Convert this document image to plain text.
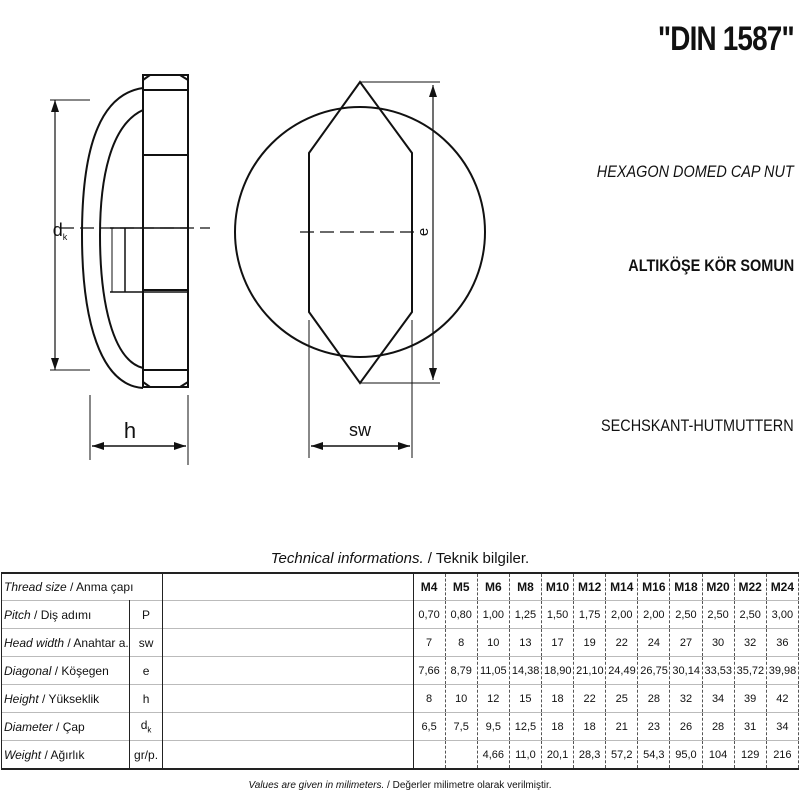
"DIN 1587"
HEXAGON DOMED CAP NUT
ALTIKÖŞE KÖR SOMUN
SECHSKANT-HUTMUTTERN
$d_k$
h
e
sw
Technical informations. / Teknik bilgiler.
Thread size / Anma çapı			M4	M5	M6	M8	M10	M12	M14	M16	M18	M20	M22	M24
Pitch / Diş adımı	P		0,70	0,80	1,00	1,25	1,50	1,75	2,00	2,00	2,50	2,50	2,50	3,00
Head width / Anahtar a.	sw		7	8	10	13	17	19	22	24	27	30	32	36
Diagonal / Köşegen	e		7,66	8,79	11,05	14,38	18,90	21,10	24,49	26,75	30,14	33,53	35,72	39,98
Height / Yükseklik	h		8	10	12	15	18	22	25	28	32	34	39	42
Diameter / Çap	$d_k$		6,5	7,5	9,5	12,5	18	18	21	23	26	28	31	34
Weight / Ağırlık	gr/p.				4,66	11,0	20,1	28,3	57,2	54,3	95,0	104	129	216
Values are given in milimeters. / Değerler milimetre olarak verilmiştir.
